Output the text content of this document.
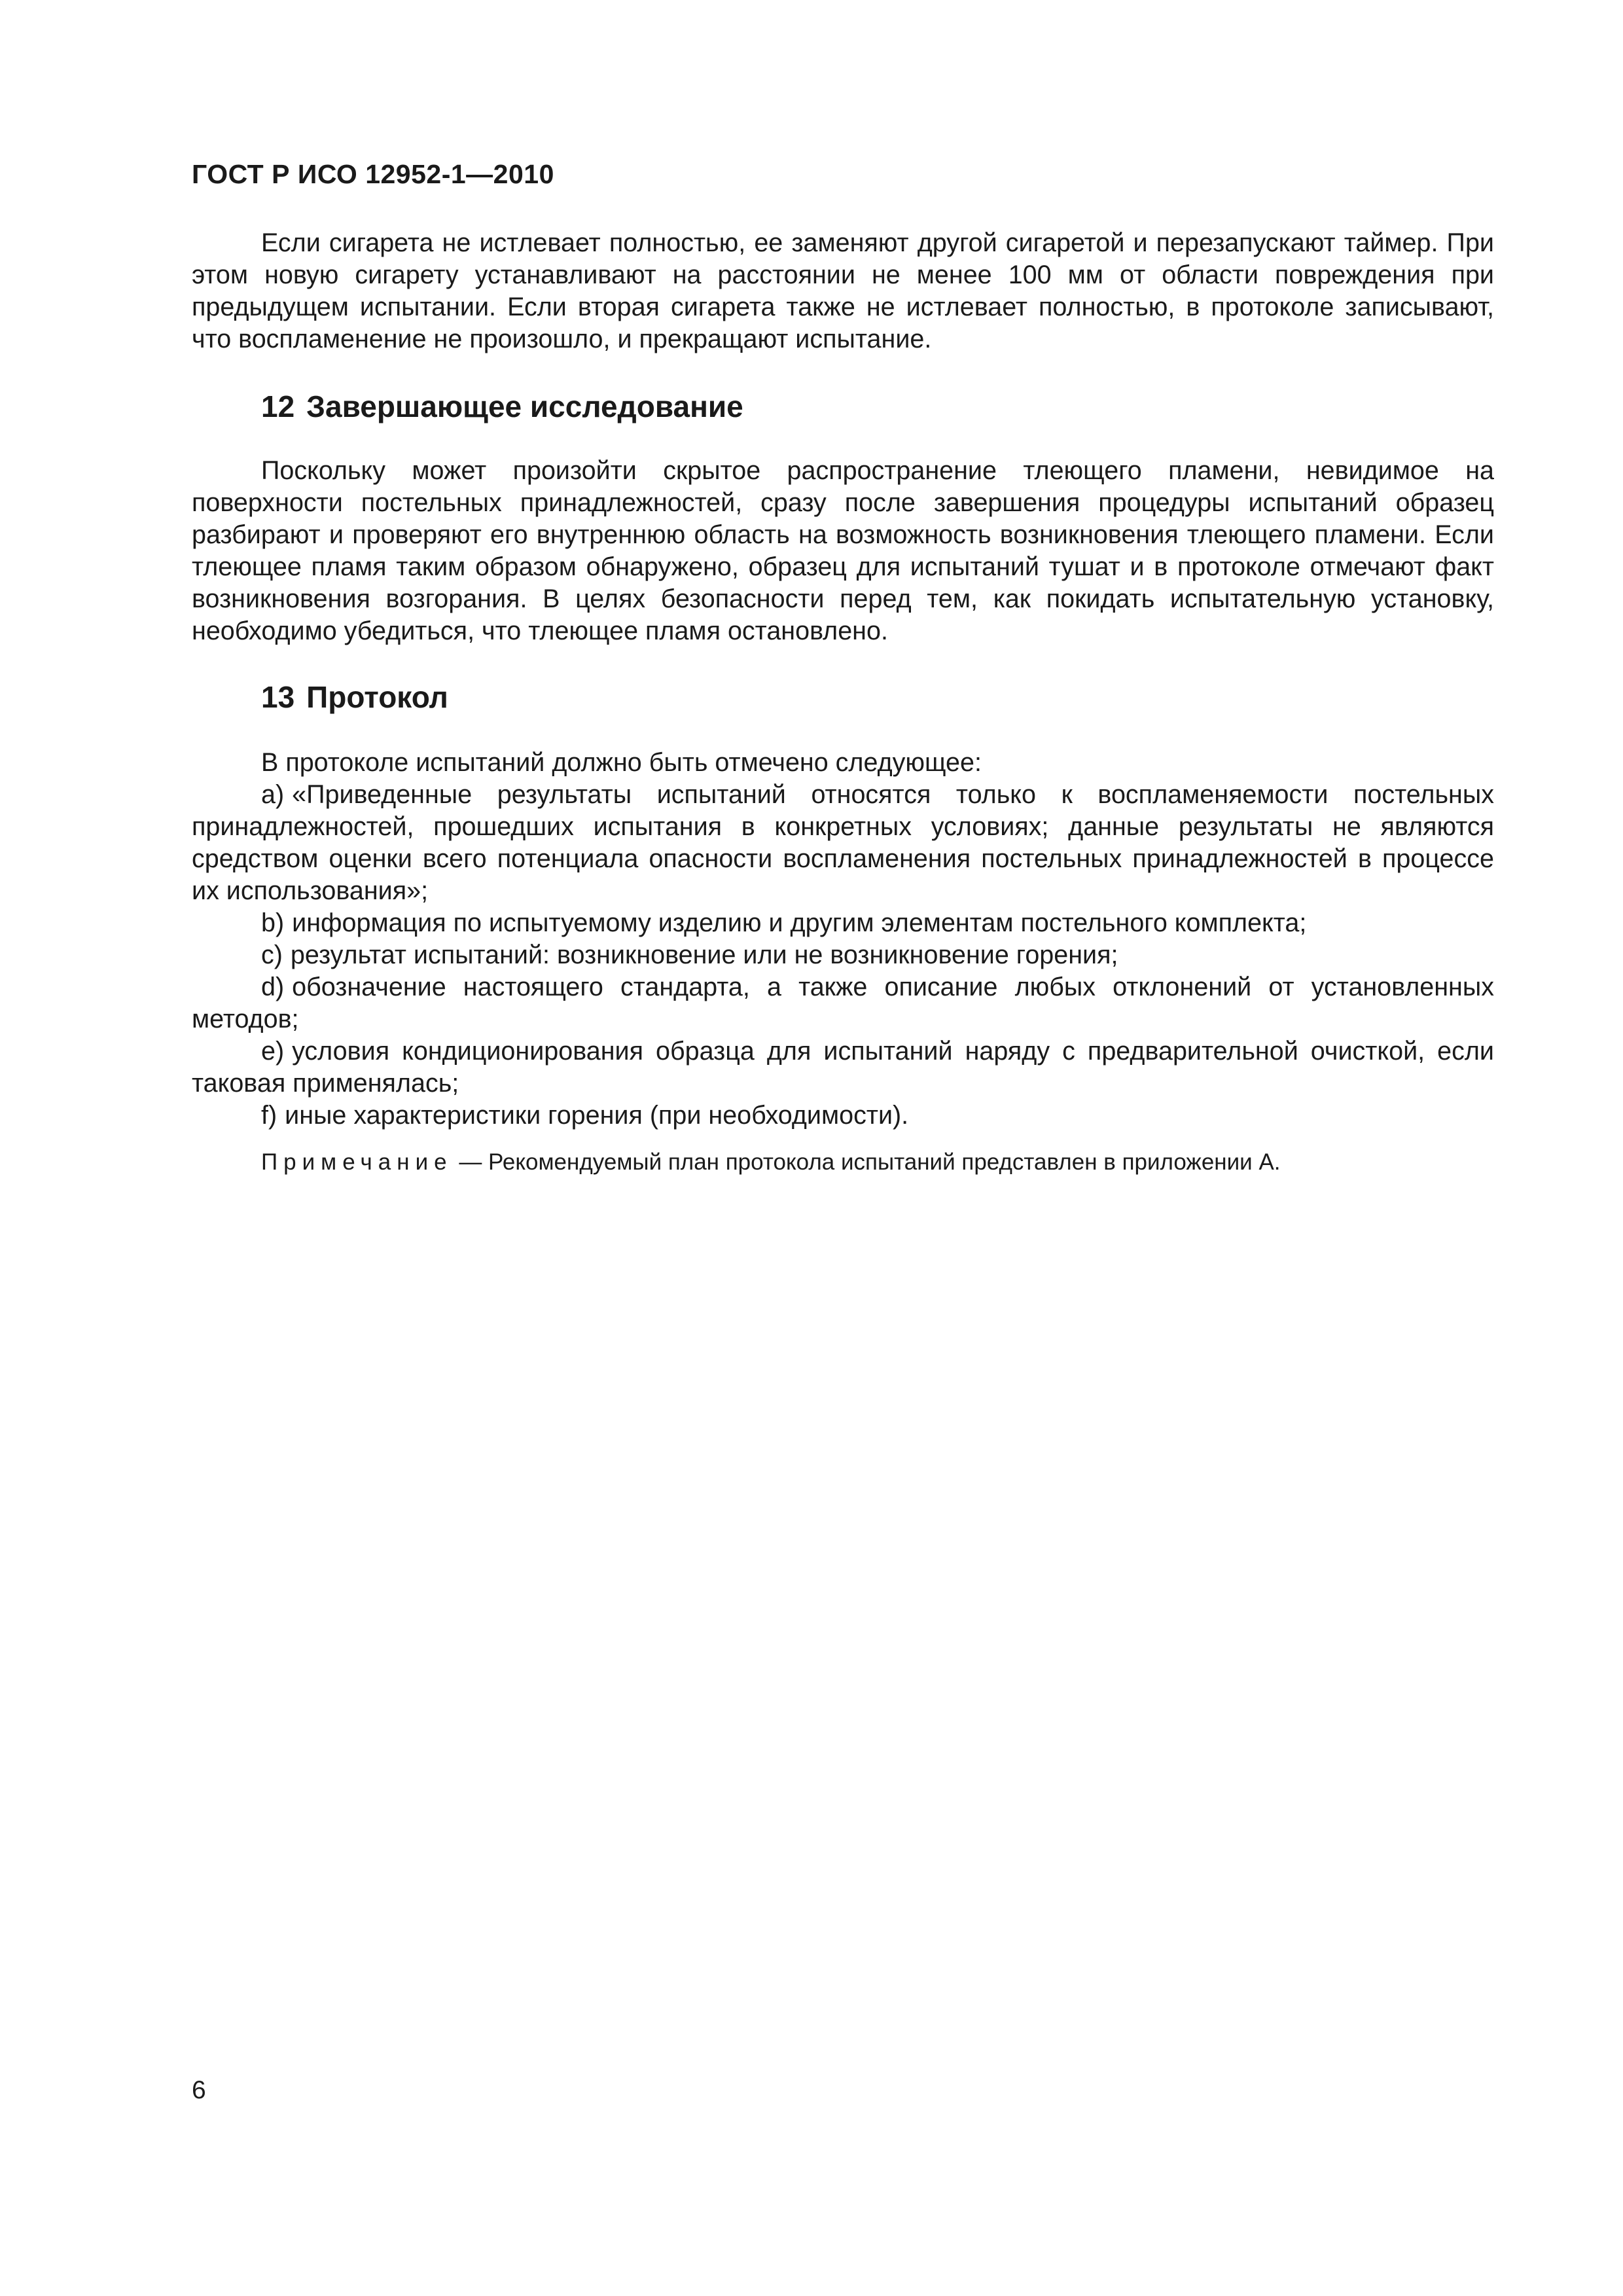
ГОСТ Р ИСО 12952-1—2010

Если сигарета не истлевает полностью, ее заменяют другой сигаретой и перезапускают таймер. При этом новую сигарету устанавливают на расстоянии не менее 100 мм от области повреждения при предыдущем испытании. Если вторая сигарета также не истлевает полностью, в протоколе записывают, что воспламенение не произошло, и прекращают испытание.

12 Завершающее исследование

Поскольку может произойти скрытое распространение тлеющего пламени, невидимое на поверхности постельных принадлежностей, сразу после завершения процедуры испытаний образец разбирают и проверяют его внутреннюю область на возможность возникновения тлеющего пламени. Если тлеющее пламя таким образом обнаружено, образец для испытаний тушат и в протоколе отмечают факт возникновения возгорания. В целях безопасности перед тем, как покидать испытательную установку, необходимо убедиться, что тлеющее пламя остановлено.

13 Протокол

В протоколе испытаний должно быть отмечено следующее:

a) «Приведенные результаты испытаний относятся только к воспламеняемости постельных принадлежностей, прошедших испытания в конкретных условиях; данные результаты не являются средством оценки всего потенциала опасности воспламенения постельных принадлежностей в процессе их использования»;

b) информация по испытуемому изделию и другим элементам постельного комплекта;

c) результат испытаний: возникновение или не возникновение горения;

d) обозначение настоящего стандарта, а также описание любых отклонений от установленных методов;

e) условия кондиционирования образца для испытаний наряду с предварительной очисткой, если таковая применялась;

f) иные характеристики горения (при необходимости).

Примечание — Рекомендуемый план протокола испытаний представлен в приложении А.

6
